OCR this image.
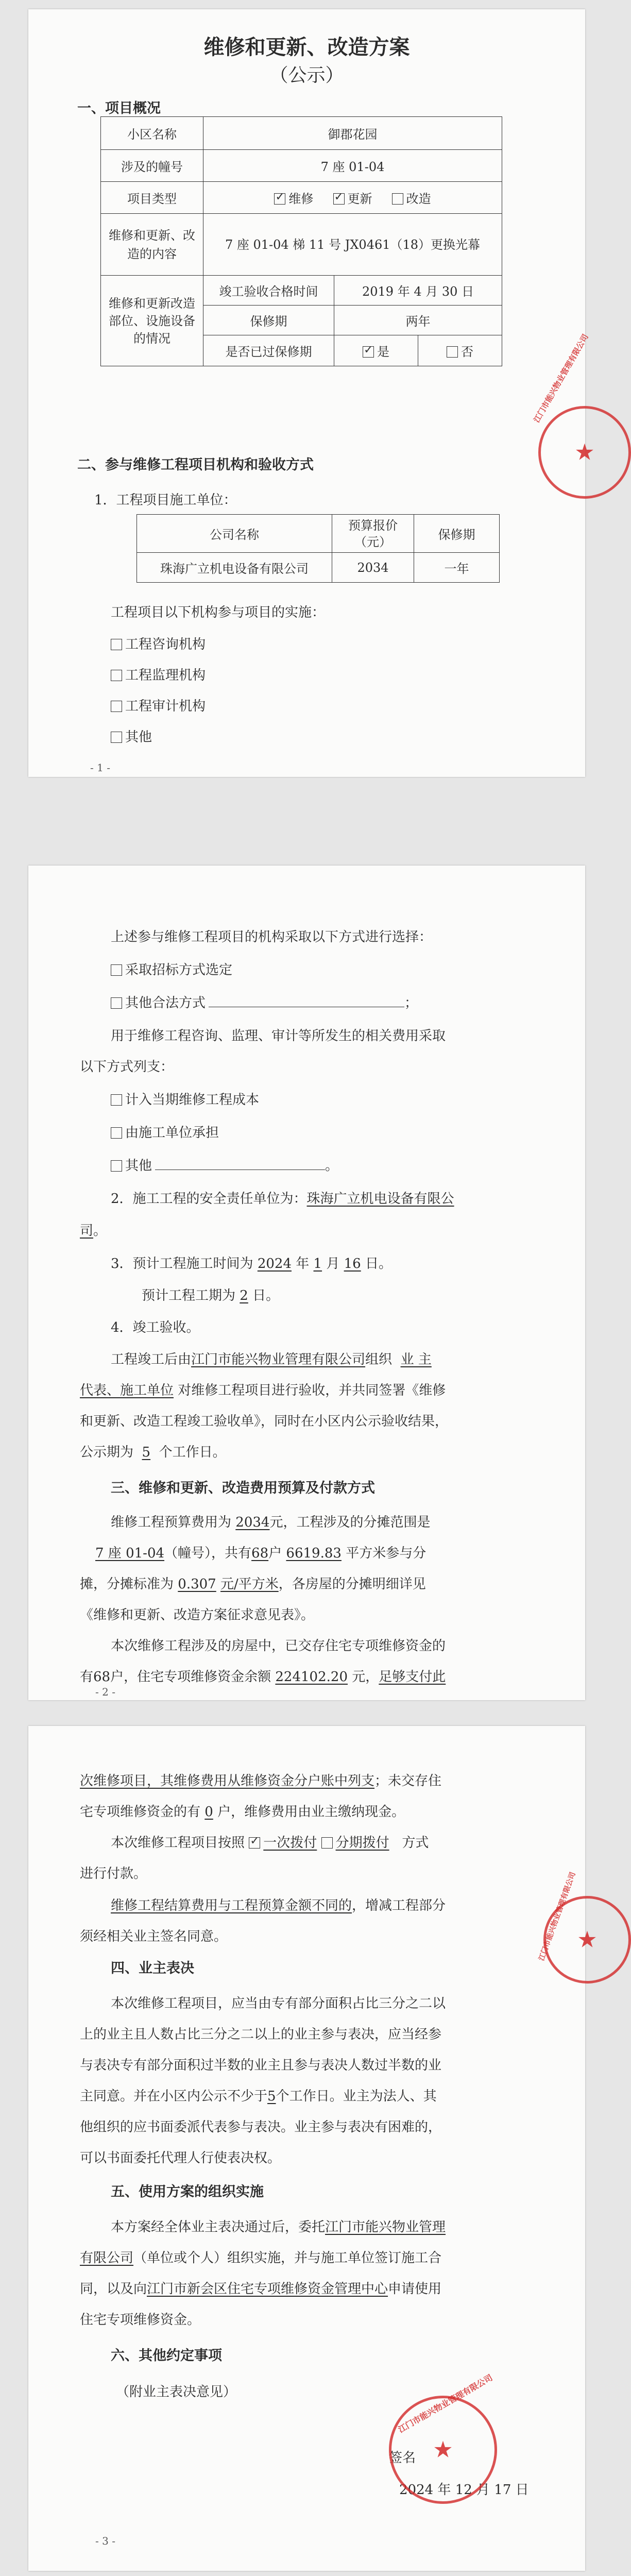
维修和更新、改造方案
（公示）
一、项目概况
小区名称	御郡花园		
涉及的幢号	7 座 01-04		
项目类型	✓维修 ✓ 更新 改造
维修和更新、改造的内容	7 座 01-04 梯 11 号 JX0461（18）更换光幕		
维修和更新改造部位、设施设备的情况	竣工验收合格时间	2019 年 4 月 30 日	
	保修期	两年	
	是否已过保修期	✓是	否
二、参与维修工程项目机构和验收方式
1．工程项目施工单位：
公司名称	预算报价（元）	保修期
珠海广立机电设备有限公司	2034	一年
工程项目以下机构参与项目的实施：
工程咨询机构
工程监理机构
工程审计机构
其他
- 1 -
★
江门市能兴物业管理有限公司
上述参与维修工程项目的机构采取以下方式进行选择：
采取招标方式选定
其他合法方式	；
用于维修工程咨询、监理、审计等所发生的相关费用采取
以下方式列支：
计入当期维修工程成本
由施工单位承担
其他	。
2．施工工程的安全责任单位为：珠海广立机电设备有限公
司。
3．预计工程施工时间为 2024 年 1 月 16 日。
预计工程工期为 2 日。
4．竣工验收。
工程竣工后由江门市能兴物业管理有限公司组织 业 主
代表、施工单位 对维修工程项目进行验收，并共同签署《维修
和更新、改造工程竣工验收单》，同时在小区内公示验收结果，
公示期为 5 个工作日。
三、维修和更新、改造费用预算及付款方式
维修工程预算费用为 2034元，工程涉及的分摊范围是
7 座 01-04（幢号），共有68户 6619.83 平方米参与分
摊，分摊标准为 0.307 元/平方米，各房屋的分摊明细详见
《维修和更新、改造方案征求意见表》。
本次维修工程涉及的房屋中，已交存住宅专项维修资金的
有68户，住宅专项维修资金余额 224102.20 元，足够支付此
- 2 -
次维修项目，其维修费用从维修资金分户账中列支；未交存住
宅专项维修资金的有 0 户，维修费用由业主缴纳现金。
本次维修工程项目按照 ✓ 一次拨付 分期拨付 方式
进行付款。
维修工程结算费用与工程预算金额不同的，增减工程部分
须经相关业主签名同意。
四、业主表决
本次维修工程项目，应当由专有部分面积占比三分之二以
上的业主且人数占比三分之二以上的业主参与表决，应当经参
与表决专有部分面积过半数的业主且参与表决人数过半数的业
主同意。并在小区内公示不少于5个工作日。业主为法人、其
他组织的应书面委派代表参与表决。业主参与表决有困难的，
可以书面委托代理人行使表决权。
五、使用方案的组织实施
本方案经全体业主表决通过后，委托江门市能兴物业管理
有限公司（单位或个人）组织实施，并与施工单位签订施工合
同，以及向江门市新会区住宅专项维修资金管理中心申请使用
住宅专项维修资金。
六、其他约定事项
（附业主表决意见）
签名
2024 年 12 月 17 日
- 3 -
★
江门市能兴物业管理有限公司
★
江门市能兴物业管理有限公司
